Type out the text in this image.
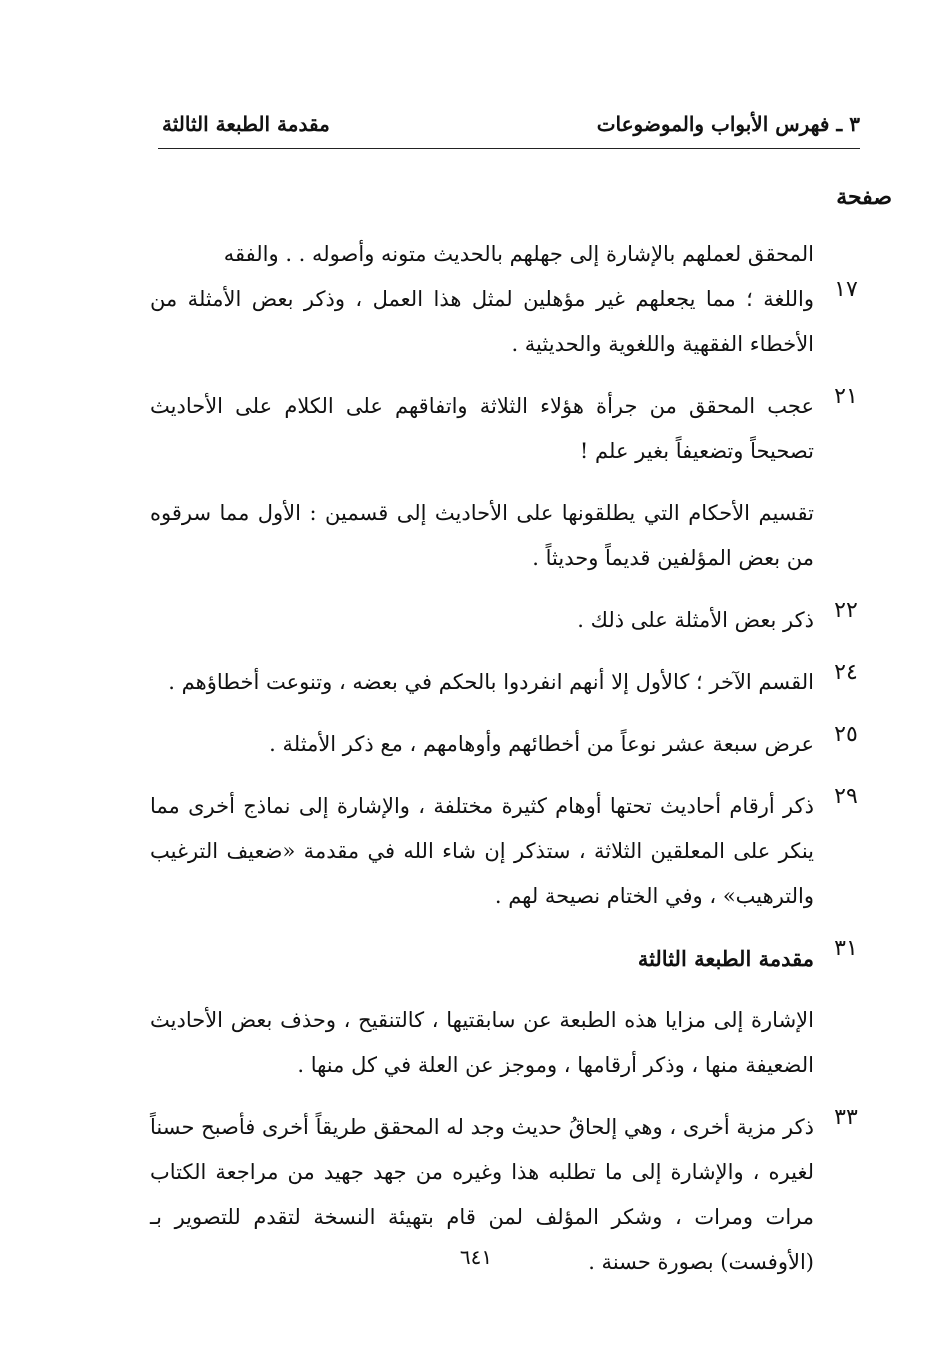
٣ ـ فهرس الأبواب والموضوعات
مقدمة الطبعة الثالثة
صفحة
المحقق لعملهم بالإشارة إلى جهلهم بالحديث متونه وأصوله . . والفقه
١٧
واللغة ؛ مما يجعلهم غير مؤهلين لمثل هذا العمل ، وذكر بعض الأمثلة من الأخطاء الفقهية واللغوية والحديثية .
٢١
عجب المحقق من جرأة هؤلاء الثلاثة واتفاقهم على الكلام على الأحاديث تصحيحاً وتضعيفاً بغير علم !
تقسيم الأحكام التي يطلقونها على الأحاديث إلى قسمين : الأول مما سرقوه من بعض المؤلفين قديماً وحديثاً .
٢٢
ذكر بعض الأمثلة على ذلك .
٢٤
القسم الآخر ؛ كالأول إلا أنهم انفردوا بالحكم في بعضه ، وتنوعت أخطاؤهم .
٢٥
عرض سبعة عشر نوعاً من أخطائهم وأوهامهم ، مع ذكر الأمثلة .
٢٩
ذكر أرقام أحاديث تحتها أوهام كثيرة مختلفة ، والإشارة إلى نماذج أخرى مما ينكر على المعلقين الثلاثة ، ستذكر إن شاء الله في مقدمة «ضعيف الترغيب والترهيب» ، وفي الختام نصيحة لهم .
٣١
مقدمة الطبعة الثالثة
الإشارة إلى مزايا هذه الطبعة عن سابقتيها ، كالتنقيح ، وحذف بعض الأحاديث الضعيفة منها ، وذكر أرقامها ، وموجز عن العلة في كل منها .
٣٣
ذكر مزية أخرى ، وهي إلحاقُ حديث وجد له المحقق طريقاً أخرى فأصبح حسناً لغيره ، والإشارة إلى ما تطلبه هذا وغيره من جهد جهيد من مراجعة الكتاب مرات ومرات ، وشكر المؤلف لمن قام بتهيئة النسخة لتقدم للتصوير بـ (الأوفست) بصورة حسنة .
٦٤١
